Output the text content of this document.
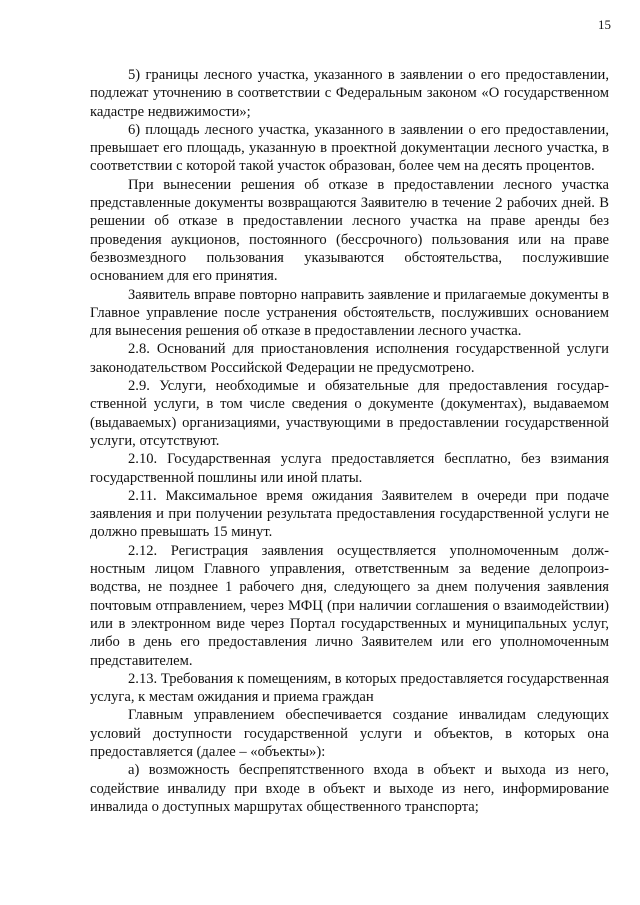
15

5) границы лесного участка, указанного в заявлении о его предоставлении, подлежат уточнению в соответствии с Федеральным законом «О государственном кадастре недвижимости»;

6) площадь лесного участка, указанного в заявлении о его предоставлении, превышает его площадь, указанную в проектной документации лесного участка, в соответствии с которой такой участок образован, более чем на десять процентов.

При вынесении решения об отказе в предоставлении лесного участка представленные документы возвращаются Заявителю в течение 2 рабочих дней. В решении об отказе в предоставлении лесного участка на праве аренды без проведения аукционов, постоянного (бессрочного) пользования или на праве безвозмездного пользования указываются обстоятельства, послужившие основанием для его принятия.

Заявитель вправе повторно направить заявление и прилагаемые документы в Главное управление после устранения обстоятельств, послуживших основанием для вынесения решения об отказе в предоставлении лесного участка.

2.8. Оснований для приостановления исполнения государственной услуги законодательством Российской Федерации не предусмотрено.

2.9. Услуги, необходимые и обязательные для предоставления государственной услуги, в том числе сведения о документе (документах), выдаваемом (выдаваемых) организациями, участвующими в предоставлении государственной услуги, отсутствуют.

2.10. Государственная услуга предоставляется бесплатно, без взимания государственной пошлины или иной платы.

2.11. Максимальное время ожидания Заявителем в очереди при подаче заявления и при получении результата предоставления государственной услуги не должно превышать 15 минут.

2.12. Регистрация заявления осуществляется уполномоченным должностным лицом Главного управления, ответственным за ведение делопроизводства, не позднее 1 рабочего дня, следующего за днем получения заявления почтовым отправлением, через МФЦ (при наличии соглашения о взаимодействии) или в электронном виде через Портал государственных и муниципальных услуг, либо в день его предоставления лично Заявителем или его уполномоченным представителем.

2.13. Требования к помещениям, в которых предоставляется государственная услуга, к местам ожидания и приема граждан

Главным управлением обеспечивается создание инвалидам следующих условий доступности государственной услуги и объектов, в которых она предоставляется (далее – «объекты»):

а) возможность беспрепятственного входа в объект и выхода из него, содействие инвалиду при входе в объект и выходе из него, информирование инвалида о доступных маршрутах общественного транспорта;
